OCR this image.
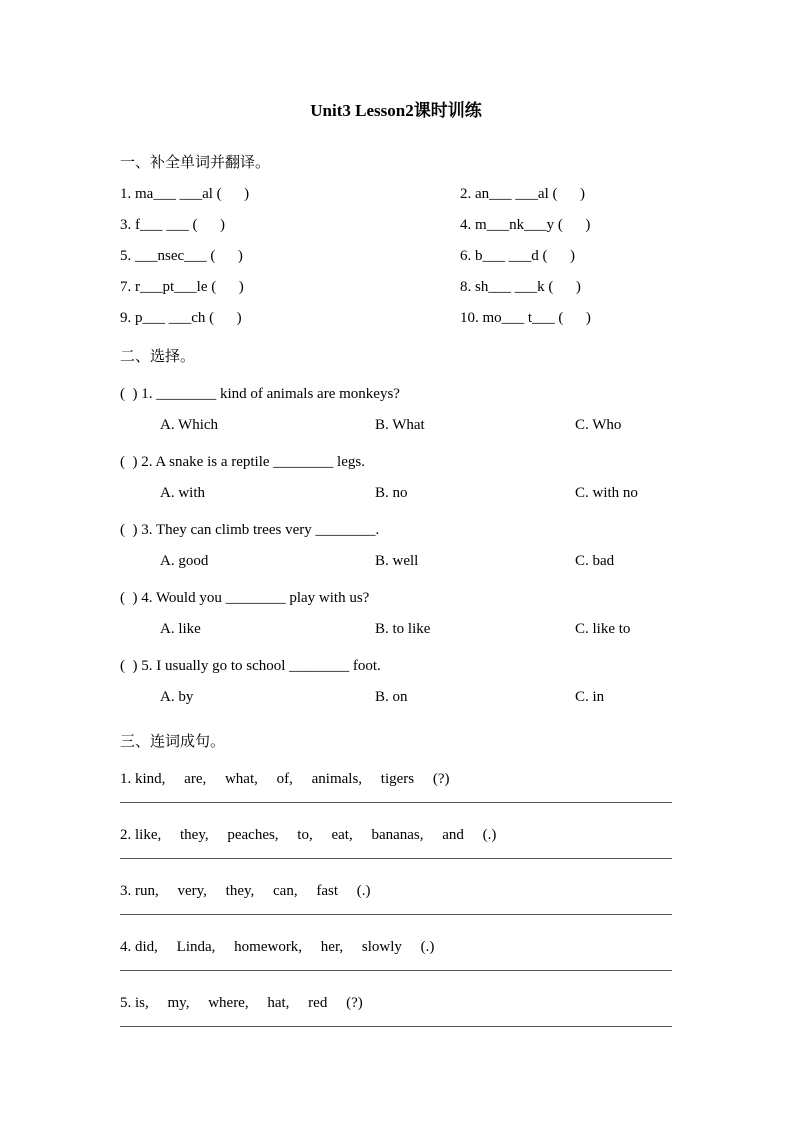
Unit3 Lesson2课时训练
一、补全单词并翻译。
1. ma___ ___al (      )	2. an___ ___al (      )
3. f___ ___ (      )	4. m___nk___y (      )
5. ___nsec___ (      )	6. b___ ___d (      )
7. r___pt___le (      )	8. sh___ ___k (      )
9. p___ ___ch (      )	10. mo___ t___ (      )
二、选择。
(  ) 1. ________ kind of animals are monkeys?
A. Which	B. What	C. Who
(  ) 2. A snake is a reptile ________ legs.
A. with	B. no	C. with no
(  ) 3. They can climb trees very ________.
A. good	B. well	C. bad
(  ) 4. Would you ________ play with us?
A. like	B. to like	C. like to
(  ) 5. I usually go to school ________ foot.
A. by	B. on	C. in
三、连词成句。
1. kind,     are,     what,     of,     animals,     tigers     (?)
2. like,     they,     peaches,     to,     eat,     bananas,     and     (.)
3. run,     very,     they,     can,     fast     (.)
4. did,     Linda,     homework,     her,     slowly     (.)
5. is,     my,     where,     hat,     red     (?)
